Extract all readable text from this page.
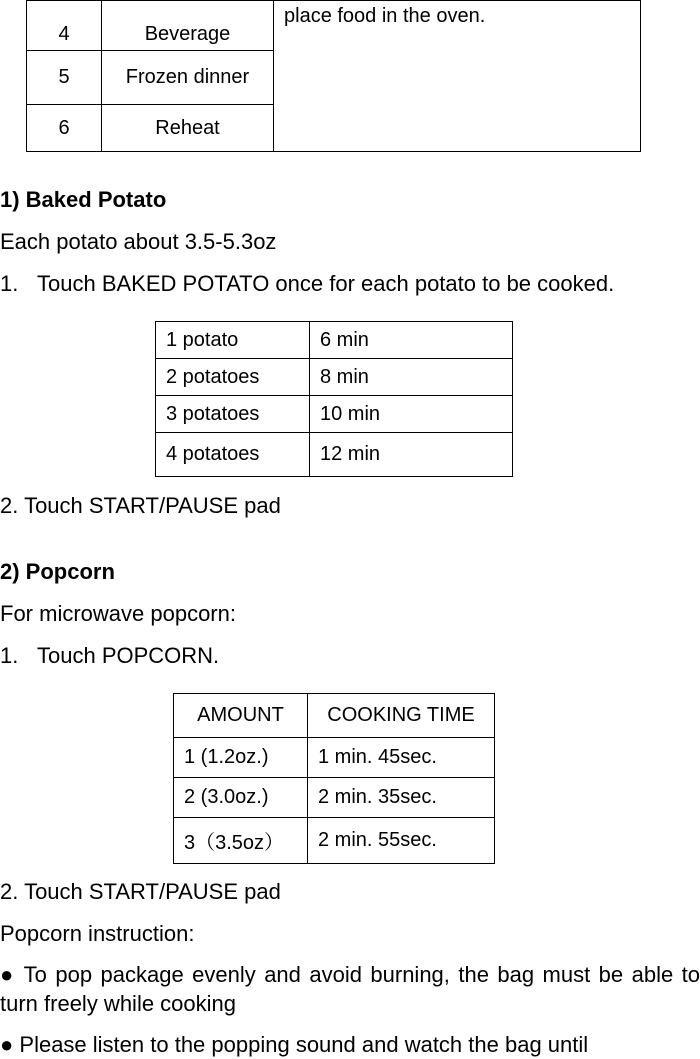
4	Beverage	place food in the oven.
5	Frozen dinner	
6	Reheat	
1) Baked Potato
Each potato about 3.5-5.3oz
1. Touch BAKED POTATO once for each potato to be cooked.
1 potato	6 min
2 potatoes	8 min
3 potatoes	10 min
4 potatoes	12 min
2. Touch START/PAUSE pad
2) Popcorn
For microwave popcorn:
1. Touch POPCORN.
AMOUNT	COOKING TIME
1 (1.2oz.)	1 min. 45sec.
2 (3.0oz.)	2 min. 35sec.
3（3.5oz）	2 min. 55sec.
2. Touch START/PAUSE pad
Popcorn instruction:
● To pop package evenly and avoid burning, the bag must be able to turn freely while cooking
● Please listen to the popping sound and watch the bag until
